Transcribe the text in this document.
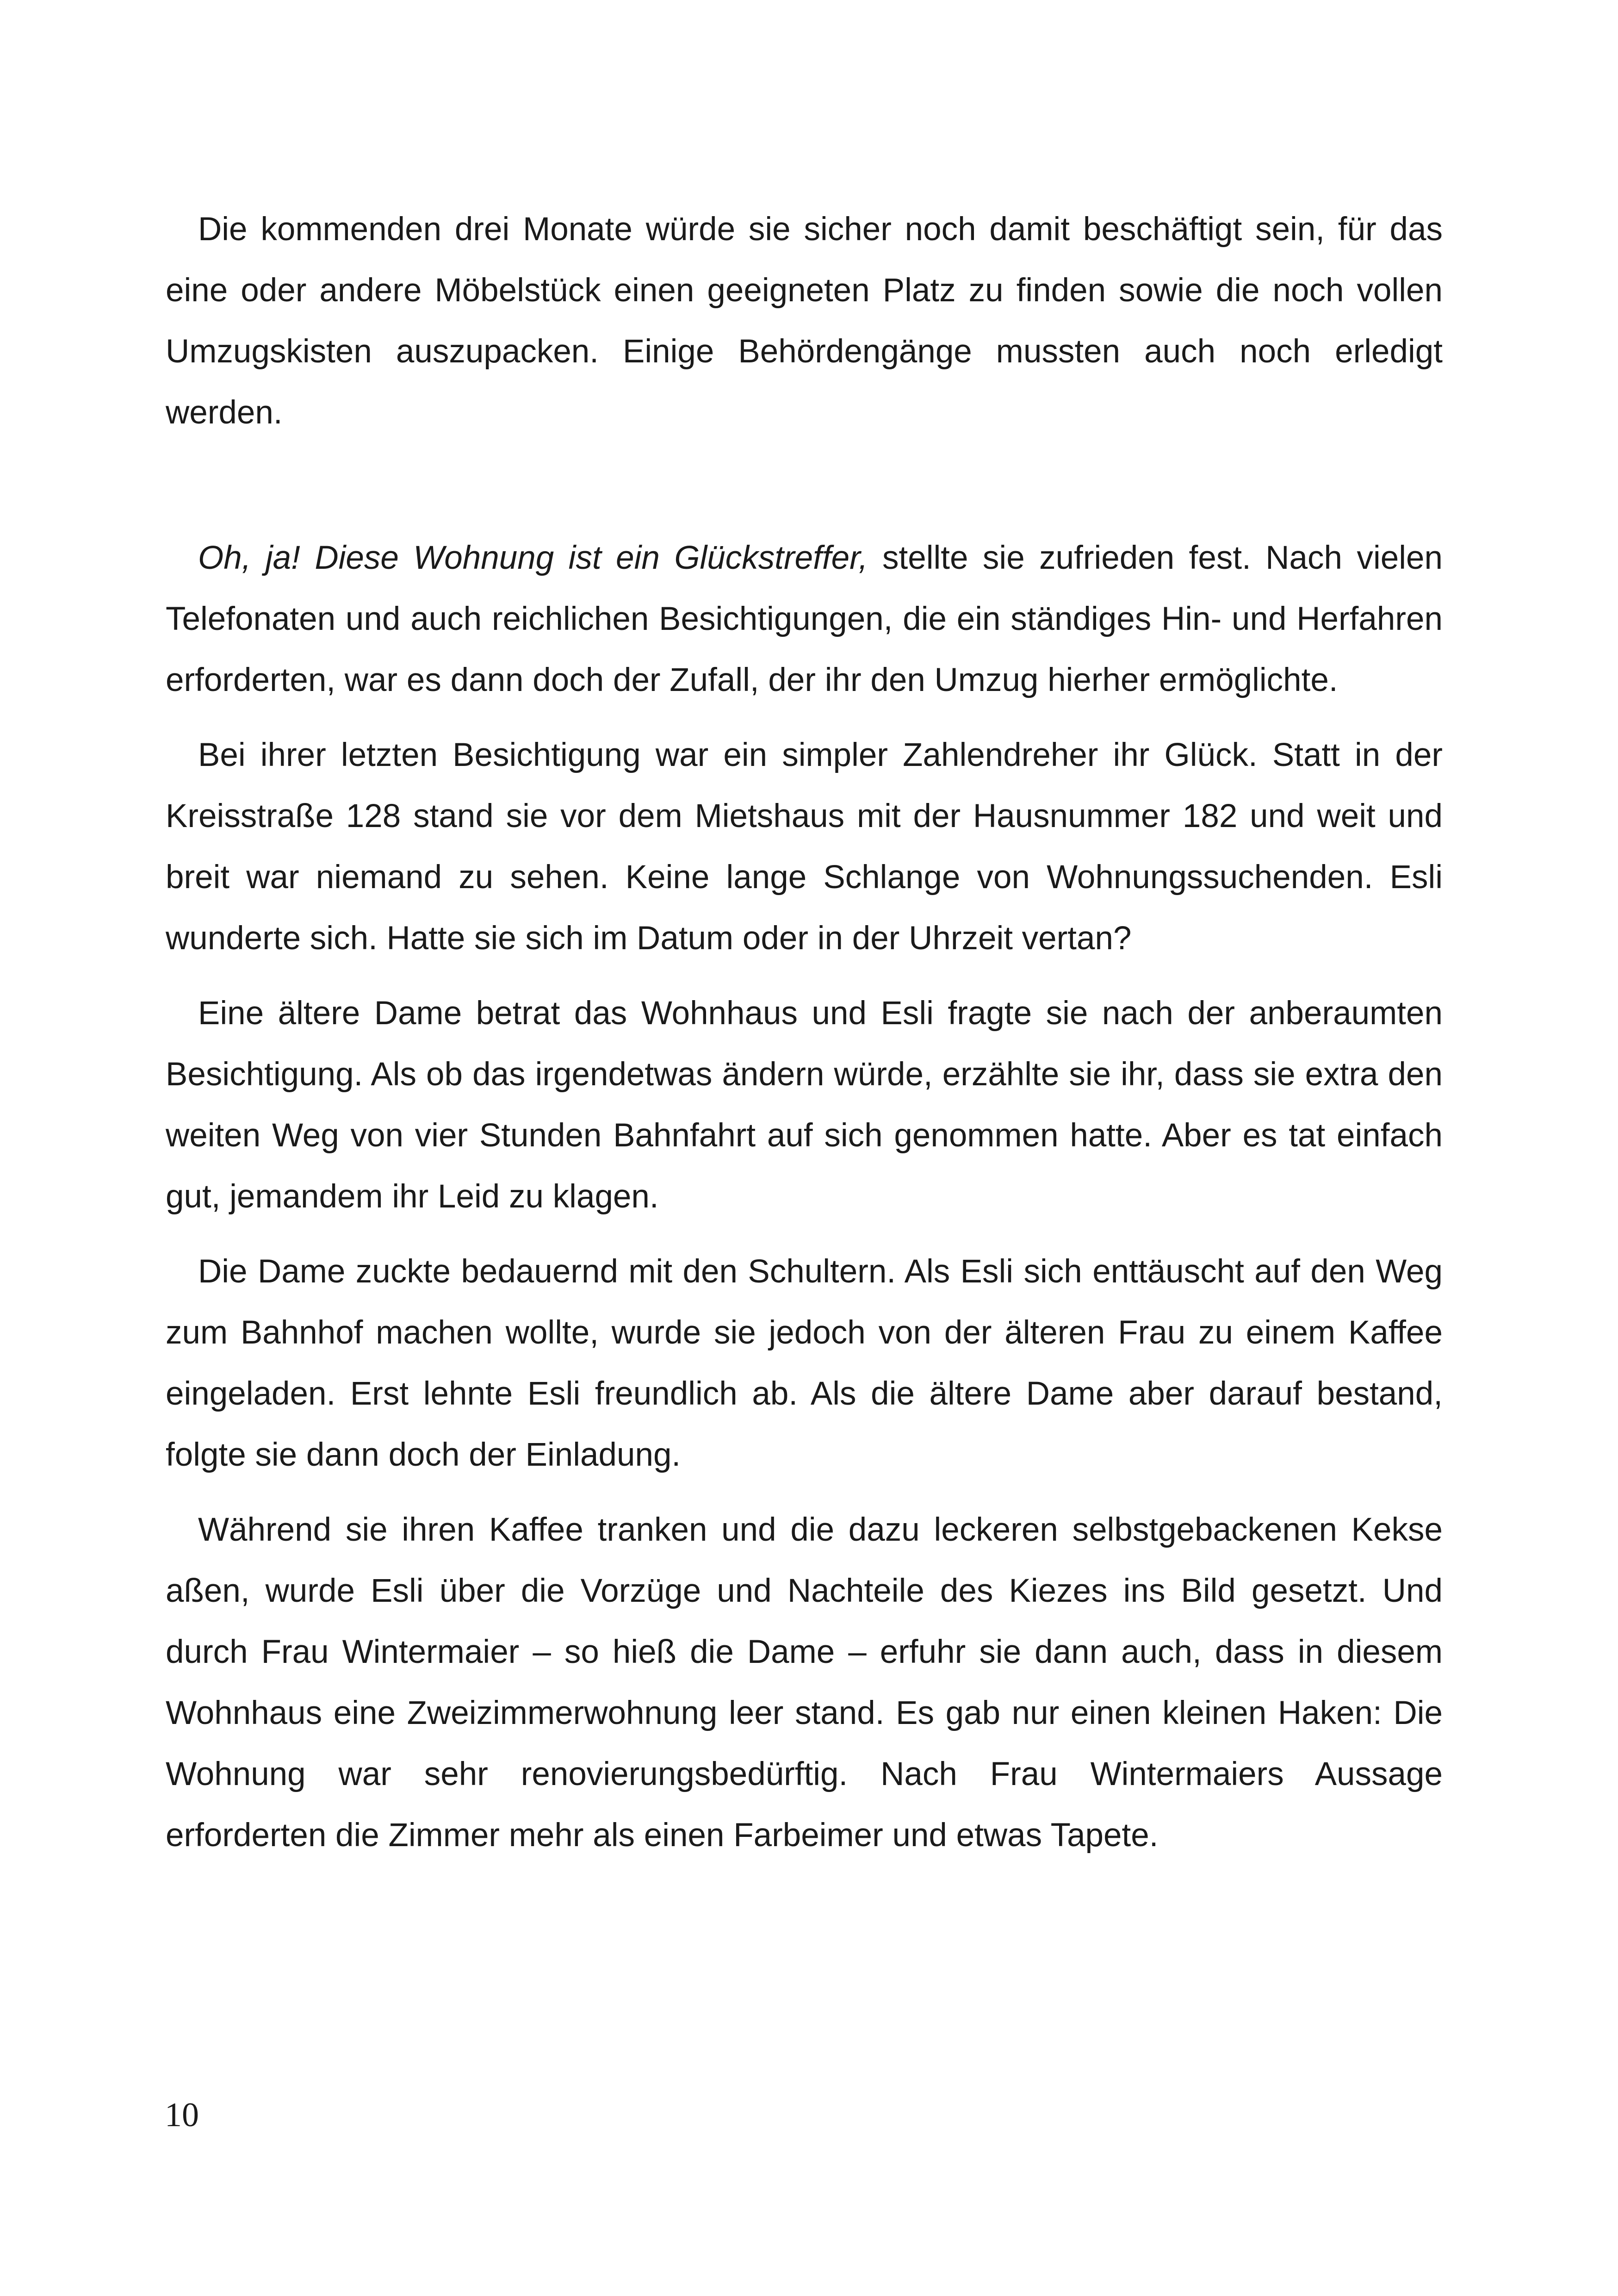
Die kommenden drei Monate würde sie sicher noch damit beschäftigt sein, für das eine oder andere Möbelstück einen geeigneten Platz zu finden sowie die noch vollen Umzugskisten auszupacken. Einige Behördengänge mussten auch noch erledigt werden.

Oh, ja! Diese Wohnung ist ein Glückstreffer, stellte sie zufrieden fest. Nach vielen Telefonaten und auch reichlichen Besichtigungen, die ein ständiges Hin- und Herfahren erforderten, war es dann doch der Zufall, der ihr den Umzug hierher ermöglichte.

Bei ihrer letzten Besichtigung war ein simpler Zahlendreher ihr Glück. Statt in der Kreisstraße 128 stand sie vor dem Mietshaus mit der Hausnummer 182 und weit und breit war niemand zu sehen. Keine lange Schlange von Wohnungssuchenden. Esli wunderte sich. Hatte sie sich im Datum oder in der Uhrzeit vertan?

Eine ältere Dame betrat das Wohnhaus und Esli fragte sie nach der anberaumten Besichtigung. Als ob das irgendetwas ändern würde, erzählte sie ihr, dass sie extra den weiten Weg von vier Stunden Bahnfahrt auf sich genommen hatte. Aber es tat einfach gut, jemandem ihr Leid zu klagen.

Die Dame zuckte bedauernd mit den Schultern. Als Esli sich enttäuscht auf den Weg zum Bahnhof machen wollte, wurde sie jedoch von der älteren Frau zu einem Kaffee eingeladen. Erst lehnte Esli freundlich ab. Als die ältere Dame aber darauf bestand, folgte sie dann doch der Einladung.

Während sie ihren Kaffee tranken und die dazu leckeren selbstgebackenen Kekse aßen, wurde Esli über die Vorzüge und Nachteile des Kiezes ins Bild gesetzt. Und durch Frau Wintermaier – so hieß die Dame – erfuhr sie dann auch, dass in diesem Wohnhaus eine Zweizimmerwohnung leer stand. Es gab nur einen kleinen Haken: Die Wohnung war sehr renovierungsbedürftig. Nach Frau Wintermaiers Aussage erforderten die Zimmer mehr als einen Farbeimer und etwas Tapete.

10
